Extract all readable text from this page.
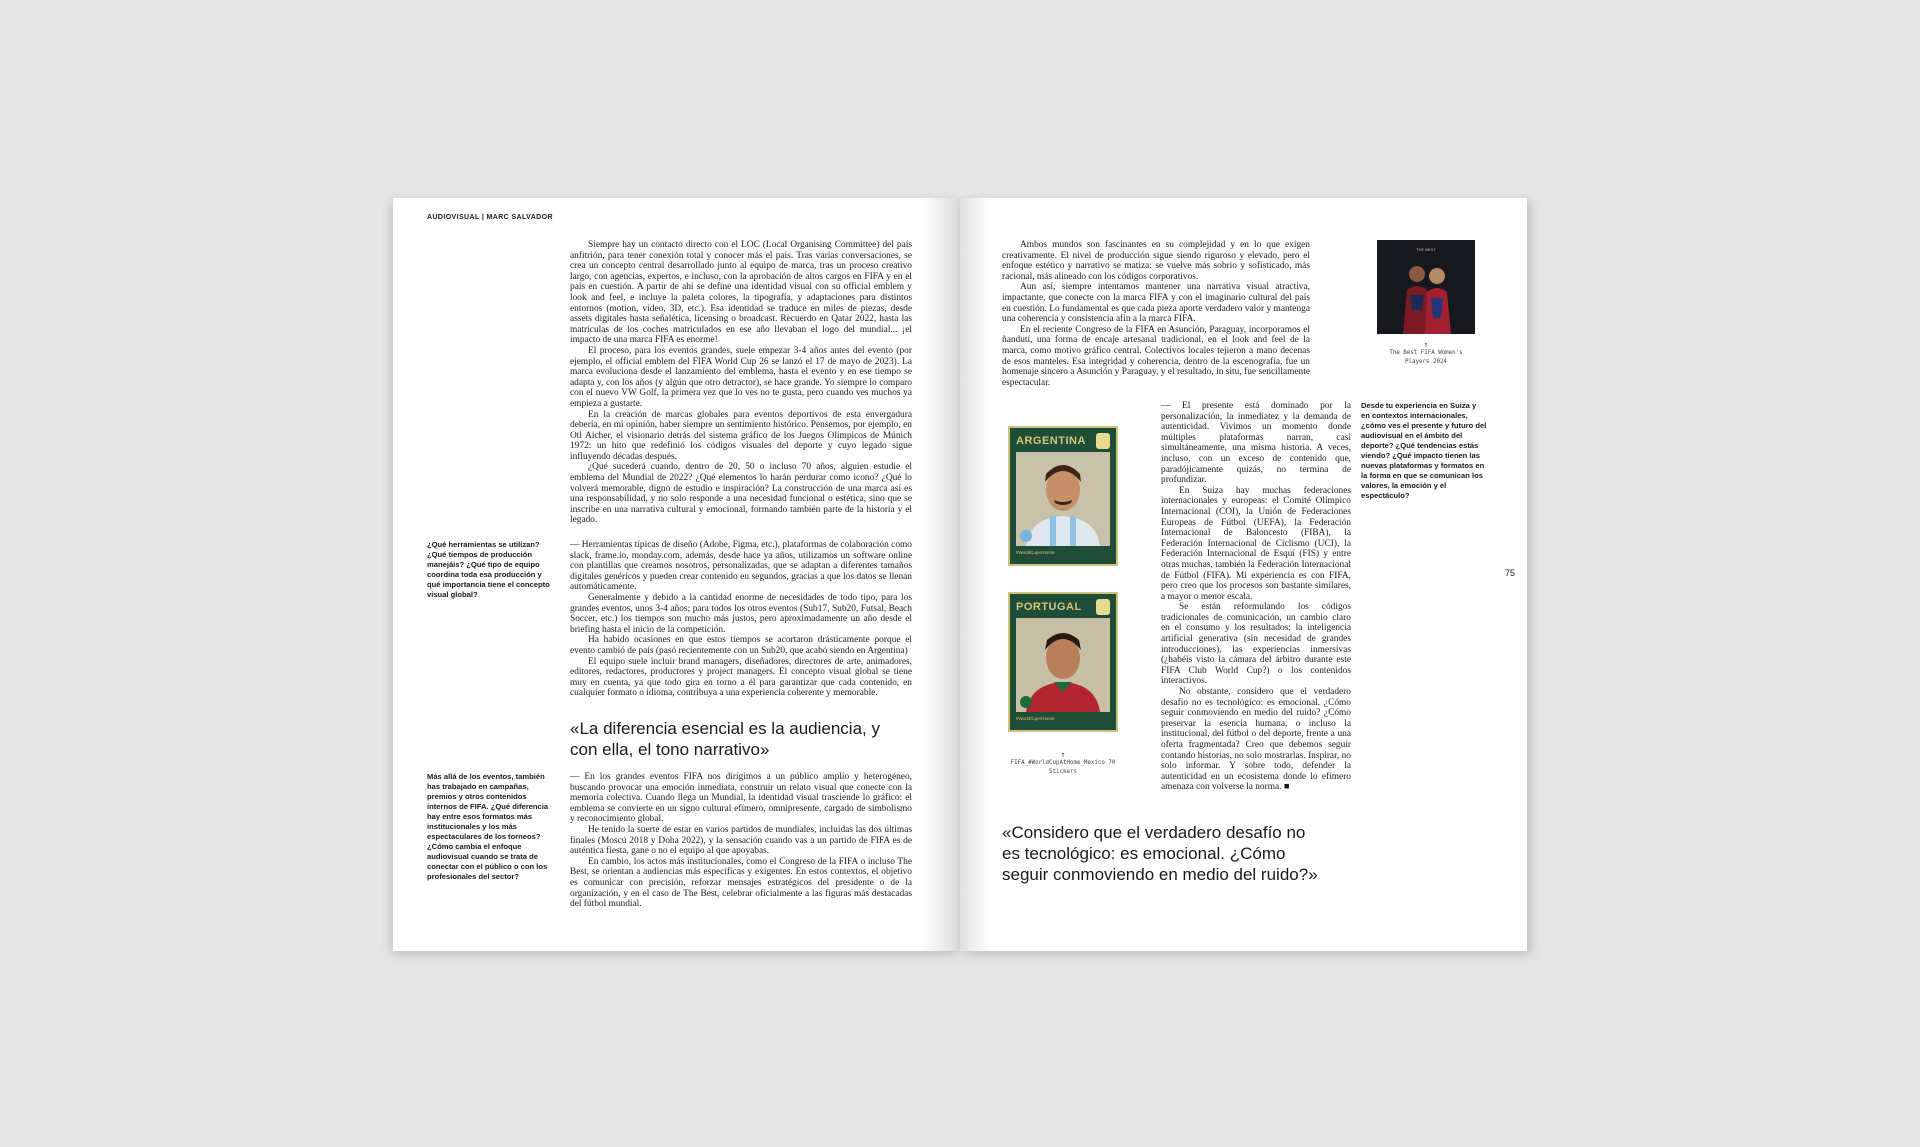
AUDIOVISUAL | MARC SALVADOR

Siempre hay un contacto directo con el LOC (Local Organising Committee) del país anfitrión, para tener conexión total y conocer más el país. Tras varias conversaciones, se crea un concepto central desarrollado junto al equipo de marca, tras un proceso creativo largo, con agencias, expertos, e incluso, con la aprobación de altos cargos en FIFA y en el país en cuestión. A partir de ahí se define una identidad visual con su official emblem y look and feel, e incluye la paleta colores, la tipografía, y adaptaciones para distintos entornos (motion, vídeo, 3D, etc.). Esa identidad se traduce en miles de piezas, desde assets digitales hasta señalética, licensing o broadcast. Recuerdo en Qatar 2022, hasta las matrículas de los coches matriculados en ese año llevaban el logo del mundial... ¡el impacto de una marca FIFA es enorme!

El proceso, para los eventos grandes, suele empezar 3-4 años antes del evento (por ejemplo, el official emblem del FIFA World Cup 26 se lanzó el 17 de mayo de 2023). La marca evoluciona desde el lanzamiento del emblema, hasta el evento y en ese tiempo se adapta y, con los años (y algún que otro detractor), se hace grande. Yo siempre lo comparo con el nuevo VW Golf, la primera vez que lo ves no te gusta, pero cuando ves muchos ya empieza a gustarte.

En la creación de marcas globales para eventos deportivos de esta envergadura debería, en mi opinión, haber siempre un sentimiento histórico. Pensemos, por ejemplo, en Otl Aicher, el visionario detrás del sistema gráfico de los Juegos Olímpicos de Múnich 1972: un hito que redefinió los códigos visuales del deporte y cuyo legado sigue influyendo décadas después.

¿Qué sucederá cuando, dentro de 20, 50 o incluso 70 años, alguien estudie el emblema del Mundial de 2022? ¿Qué elementos lo harán perdurar como icono? ¿Qué lo volverá memorable, digno de estudio e inspiración? La construcción de una marca así es una responsabilidad, y no solo responde a una necesidad funcional o estética, sino que se inscribe en una narrativa cultural y emocional, formando también parte de la historia y el legado.

¿Qué herramientas se utilizan? ¿Qué tiempos de producción manejáis? ¿Qué tipo de equipo coordina toda esa producción y qué importancia tiene el concepto visual global?

— Herramientas típicas de diseño (Adobe, Figma, etc.), plataformas de colaboración como slack, frame.io, monday.com, además, desde hace ya años, utilizamos un software online con plantillas que creamos nosotros, personalizadas, que se adaptan a diferentes tamaños digitales genéricos y pueden crear contenido en segundos, gracias a que los datos se llenan automáticamente.

Generalmente y debido a la cantidad enorme de necesidades de todo tipo, para los grandes eventos, unos 3-4 años; para todos los otros eventos (Sub17, Sub20, Futsal, Beach Soccer, etc.) los tiempos son mucho más justos, pero aproximadamente un año desde el briefing hasta el inicio de la competición.

Ha habido ocasiones en que estos tiempos se acortaron drásticamente porque el evento cambió de país (pasó recientemente con un Sub20, que acabó siendo en Argentina)

El equipo suele incluir brand managers, diseñadores, directores de arte, animadores, editores, redactores, productores y project managers. El concepto visual global se tiene muy en cuenta, ya que todo gira en torno a él para garantizar que cada contenido, en cualquier formato o idioma, contribuya a una experiencia coherente y memorable.

«La diferencia esencial es la audiencia, y con ella, el tono narrativo»

Más allá de los eventos, también has trabajado en campañas, premios y otros contenidos internos de FIFA. ¿Qué diferencia hay entre esos formatos más institucionales y los más espectaculares de los torneos? ¿Cómo cambia el enfoque audiovisual cuando se trata de conectar con el público o con los profesionales del sector?

— En los grandes eventos FIFA nos dirigimos a un público amplio y heterogéneo, buscando provocar una emoción inmediata, construir un relato visual que conecte con la memoria colectiva. Cuando llega un Mundial, la identidad visual trasciende lo gráfico: el emblema se convierte en un signo cultural efímero, omnipresente, cargado de simbolismo y reconocimiento global.

He tenido la suerte de estar en varios partidos de mundiales, incluidas las dos últimas finales (Moscú 2018 y Doha 2022), y la sensación cuando vas a un partido de FIFA es de auténtica fiesta, gane o no el equipo al que apoyabas.

En cambio, los actos más institucionales, como el Congreso de la FIFA o incluso The Best, se orientan a audiencias más específicas y exigentes. En estos contextos, el objetivo es comunicar con precisión, reforzar mensajes estratégicos del presidente o de la organización, y en el caso de The Best, celebrar oficialmente a las figuras más destacadas del fútbol mundial.

Ambos mundos son fascinantes en su complejidad y en lo que exigen creativamente. El nivel de producción sigue siendo riguroso y elevado, pero el enfoque estético y narrativo se matiza: se vuelve más sobrio y sofisticado, más racional, más alineado con los códigos corporativos.

Aun así, siempre intentamos mantener una narrativa visual atractiva, impactante, que conecte con la marca FIFA y con el imaginario cultural del país en cuestión. Lo fundamental es que cada pieza aporte verdadero valor y mantenga una coherencia y consistencia afín a la marca FIFA.

En el reciente Congreso de la FIFA en Asunción, Paraguay, incorporamos el ñandutí, una forma de encaje artesanal tradicional, en el look and feel de la marca, como motivo gráfico central. Colectivos locales tejieron a mano decenas de esos manteles. Esa integridad y coherencia, dentro de la escenografía, fue un homenaje sincero a Asunción y Paraguay, y el resultado, in situ, fue sencillamente espectacular.

THE BEST
↑
The Best FIFA Women's Players 2024

Desde tu experiencia en Suiza y en contextos internacionales, ¿cómo ves el presente y futuro del audiovisual en el ámbito del deporte? ¿Qué tendencias estás viendo? ¿Qué impacto tienen las nuevas plataformas y formatos en la forma en que se comunican los valores, la emoción y el espectáculo?

ARGENTINA
#WorldCupAtHome
PORTUGAL
#WorldCupAtHome
↑
FIFA_#WorldCupAtHome_Mexico 70 Stickers

— El presente está dominado por la personalización, la inmediatez y la demanda de autenticidad. Vivimos un momento donde múltiples plataformas narran, casi simultáneamente, una misma historia. A veces, incluso, con un exceso de contenido que, paradójicamente quizás, no termina de profundizar.

En Suiza hay muchas federaciones internacionales y europeas: el Comité Olímpico Internacional (COI), la Unión de Federaciones Europeas de Fútbol (UEFA), la Federación Internacional de Baloncesto (FIBA), la Federación Internacional de Ciclismo (UCI), la Federación Internacional de Esquí (FIS) y entre otras muchas, también la Federación Internacional de Fútbol (FIFA). Mi experiencia es con FIFA, pero creo que los procesos son bastante similares, a mayor o menor escala.

Se están reformulando los códigos tradicionales de comunicación, un cambio claro en el consumo y los resultados: la inteligencia artificial generativa (sin necesidad de grandes introducciones), las experiencias inmersivas (¿habéis visto la cámara del árbitro durante este FIFA Club World Cup?) o los contenidos interactivos.

No obstante, considero que el verdadero desafío no es tecnológico: es emocional. ¿Cómo seguir conmoviendo en medio del ruido? ¿Cómo preservar la esencia humana, o incluso la institucional, del fútbol o del deporte, frente a una oferta fragmentada? Creo que debemos seguir contando historias, no solo mostrarlas. Inspirar, no solo informar. Y sobre todo, defender la autenticidad en un ecosistema donde lo efímero amenaza con volverse la norma. ■

«Considero que el verdadero desafío no es tecnológico: es emocional. ¿Cómo seguir conmoviendo en medio del ruido?»

75
